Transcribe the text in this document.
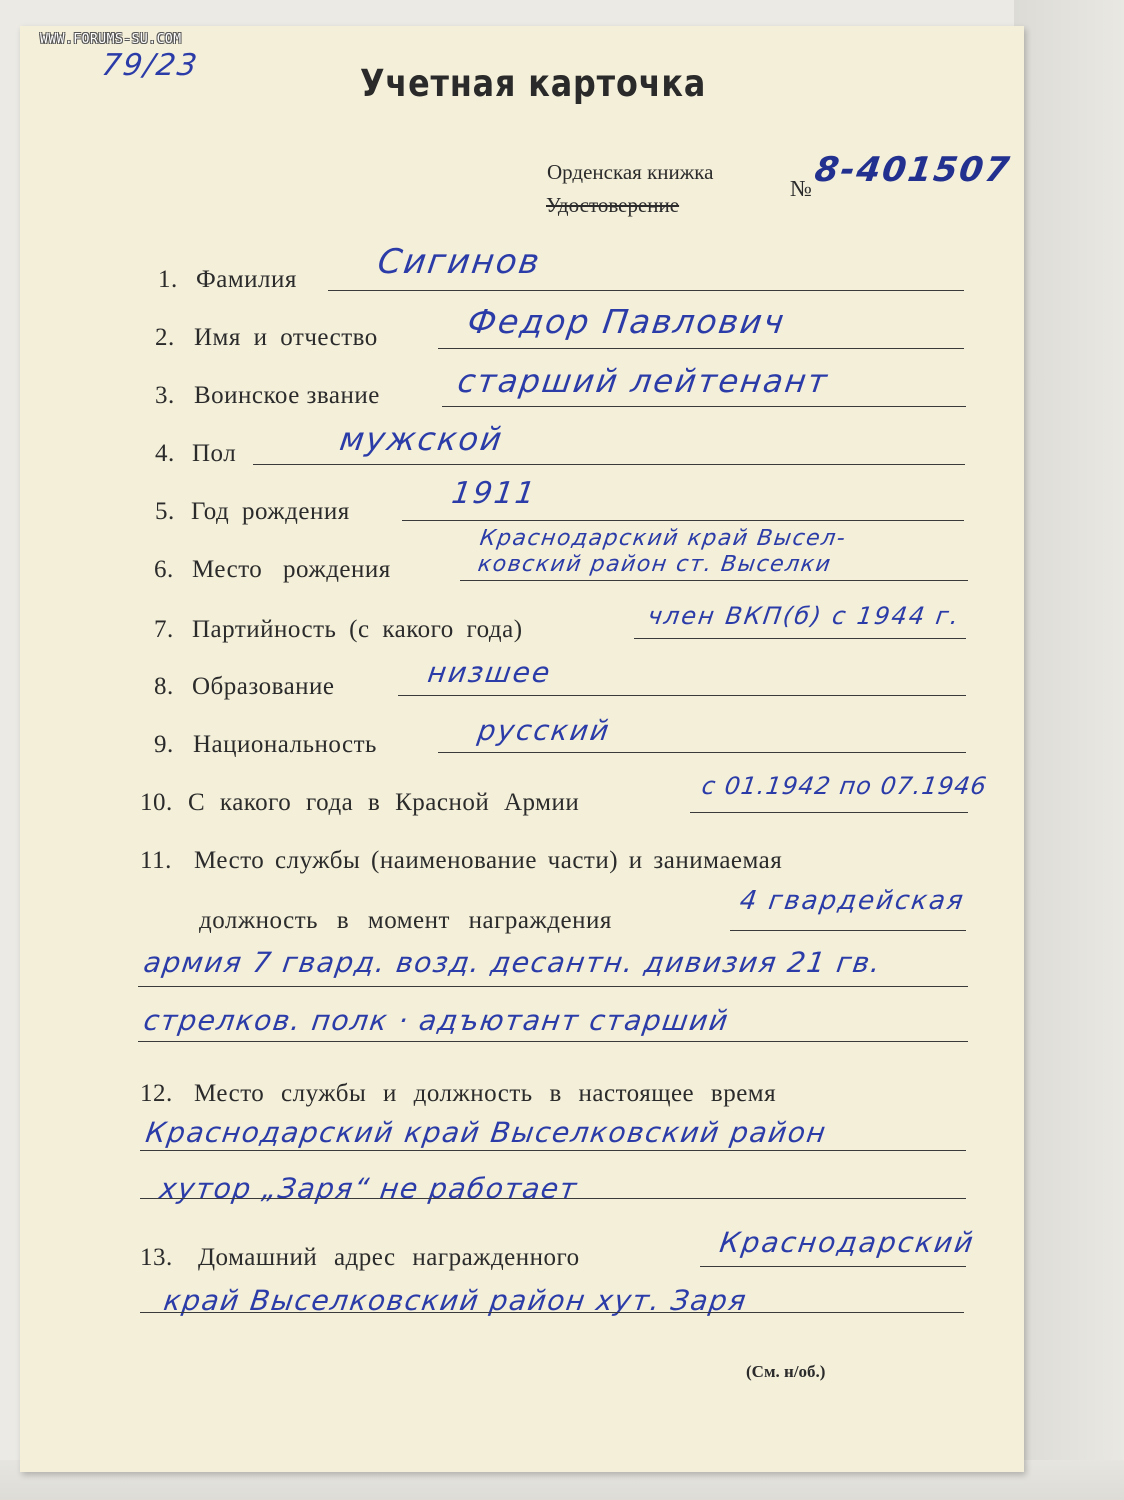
WWW.FORUMS-SU.COM
79/23	Учетная карточка
Орденская книжка
Удостоверение
№ 8-401507
1. Фамилия Сигинов
2. Имя и отчество	Федор Павлович
3. Воинское звание старший лейтенант
4. Пол	мужской
5. Год рождения
1911
6. Место рождения
Краснодарский край Высел-
ковский район ст. Выселки
7. Партийность (с какого года)	член ВКП(б) с 1944 г.
8. Образование	низшее
9. Национальность	русский
10. С какого года в Красной Армии
с 01.1942 по 07.1946
11. Место службы (наименование части) и занимаемая
должность в момент награждения
4 гвардейская
армия 7 гвард. возд. десантн. дивизия 21 гв.
стрелков. полк · адъютант старший
12. Место службы и должность в настоящее время
Краснодарский край Выселковский район
хутор „Заря“ не работает
13. Домашний адрес награжденного	Краснодарский
край Выселковский район хут. Заря
(См. н/об.)
